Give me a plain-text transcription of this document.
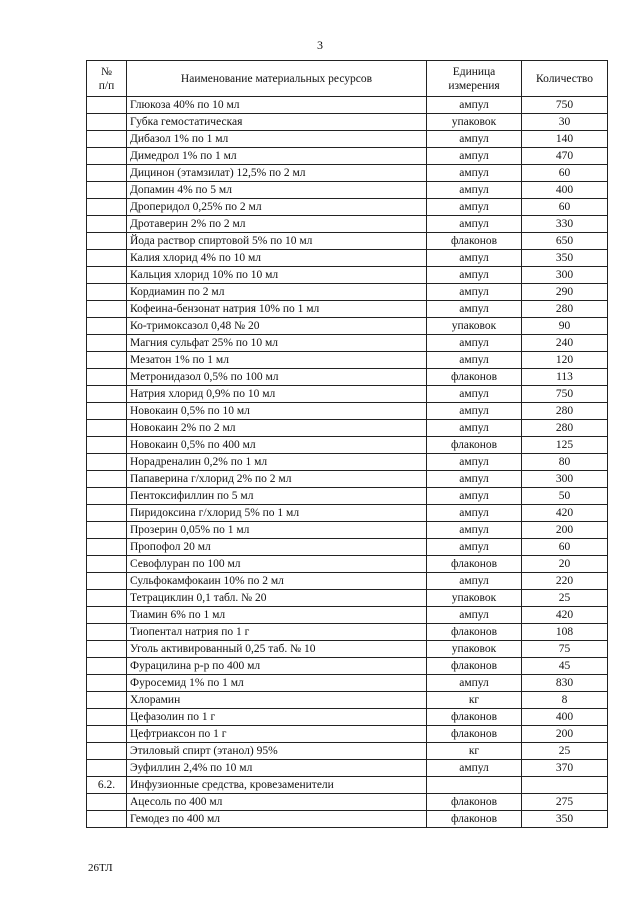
3
№
п/п	Наименование материальных ресурсов	Единица измерения	Количество
	Глюкоза 40% по 10 мл	ампул	750
	Губка гемостатическая	упаковок	30
	Дибазол 1% по 1 мл	ампул	140
	Димедрол 1% по 1 мл	ампул	470
	Дицинон (этамзилат) 12,5% по 2 мл	ампул	60
	Допамин 4% по 5 мл	ампул	400
	Дроперидол 0,25% по 2 мл	ампул	60
	Дротаверин 2% по 2 мл	ампул	330
	Йода раствор спиртовой 5% по 10 мл	флаконов	650
	Калия хлорид 4% по 10 мл	ампул	350
	Кальция хлорид 10% по 10 мл	ампул	300
	Кордиамин по 2 мл	ампул	290
	Кофеина-бензонат натрия 10% по 1 мл	ампул	280
	Ко-тримоксазол 0,48 № 20	упаковок	90
	Магния сульфат 25% по 10 мл	ампул	240
	Мезатон 1% по 1 мл	ампул	120
	Метронидазол 0,5% по 100 мл	флаконов	113
	Натрия хлорид 0,9% по 10 мл	ампул	750
	Новокаин 0,5% по 10 мл	ампул	280
	Новокаин 2% по 2 мл	ампул	280
	Новокаин 0,5% по 400 мл	флаконов	125
	Норадреналин 0,2% по 1 мл	ампул	80
	Папаверина г/хлорид 2% по 2 мл	ампул	300
	Пентоксифиллин по 5 мл	ампул	50
	Пиридоксина г/хлорид 5% по 1 мл	ампул	420
	Прозерин 0,05% по 1 мл	ампул	200
	Пропофол 20 мл	ампул	60
	Севофлуран по 100 мл	флаконов	20
	Сульфокамфокаин 10% по 2 мл	ампул	220
	Тетрациклин 0,1 табл. № 20	упаковок	25
	Тиамин 6% по 1 мл	ампул	420
	Тиопентал натрия по 1 г	флаконов	108
	Уголь активированный 0,25 таб. № 10	упаковок	75
	Фурацилина р-р по 400 мл	флаконов	45
	Фуросемид 1% по 1 мл	ампул	830
	Хлорамин	кг	8
	Цефазолин по 1 г	флаконов	400
	Цефтриаксон по 1 г	флаконов	200
	Этиловый спирт (этанол) 95%	кг	25
	Эуфиллин 2,4% по 10 мл	ампул	370
6.2.	Инфузионные средства, кровезаменители		
	Ацесоль по 400 мл	флаконов	275
	Гемодез по 400 мл	флаконов	350
26ТЛ
